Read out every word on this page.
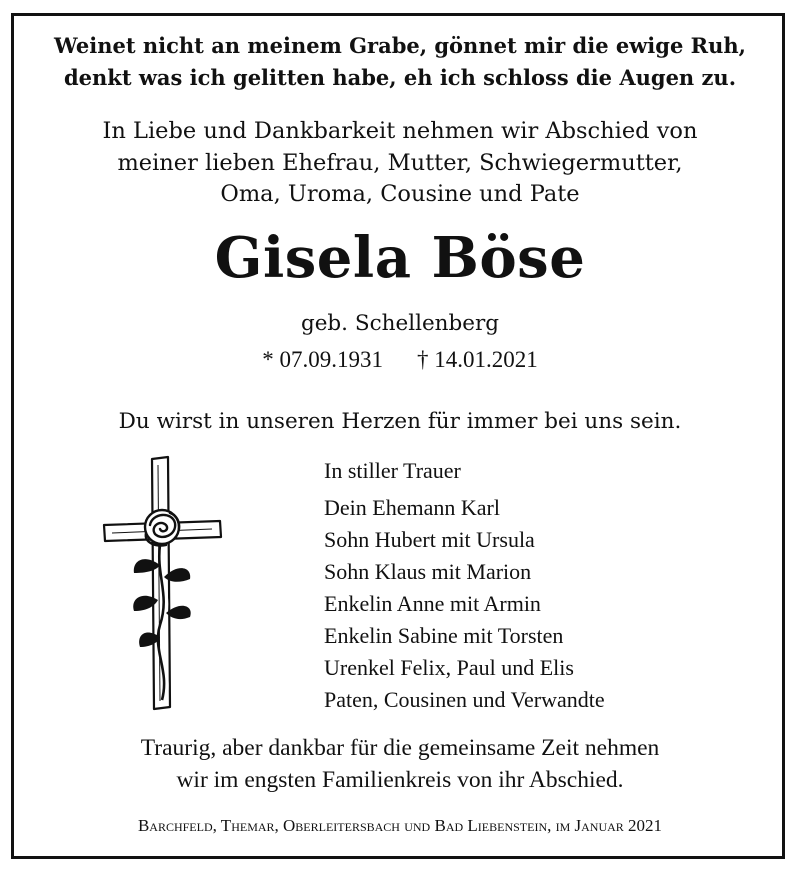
Weinet nicht an meinem Grabe, gönnet mir die ewige Ruh,
denkt was ich gelitten habe, eh ich schloss die Augen zu.
In Liebe und Dankbarkeit nehmen wir Abschied von
meiner lieben Ehefrau, Mutter, Schwiegermutter,
Oma, Uroma, Cousine und Pate
Gisela Böse
geb. Schellenberg
* 07.09.1931 † 14.01.2021
Du wirst in unseren Herzen für immer bei uns sein.
In stiller Trauer
Dein Ehemann Karl
Sohn Hubert mit Ursula
Sohn Klaus mit Marion
Enkelin Anne mit Armin
Enkelin Sabine mit Torsten
Urenkel Felix, Paul und Elis
Paten, Cousinen und Verwandte
Traurig, aber dankbar für die gemeinsame Zeit nehmen
wir im engsten Familienkreis von ihr Abschied.
Barchfeld, Themar, Oberleitersbach und Bad Liebenstein, im Januar 2021
